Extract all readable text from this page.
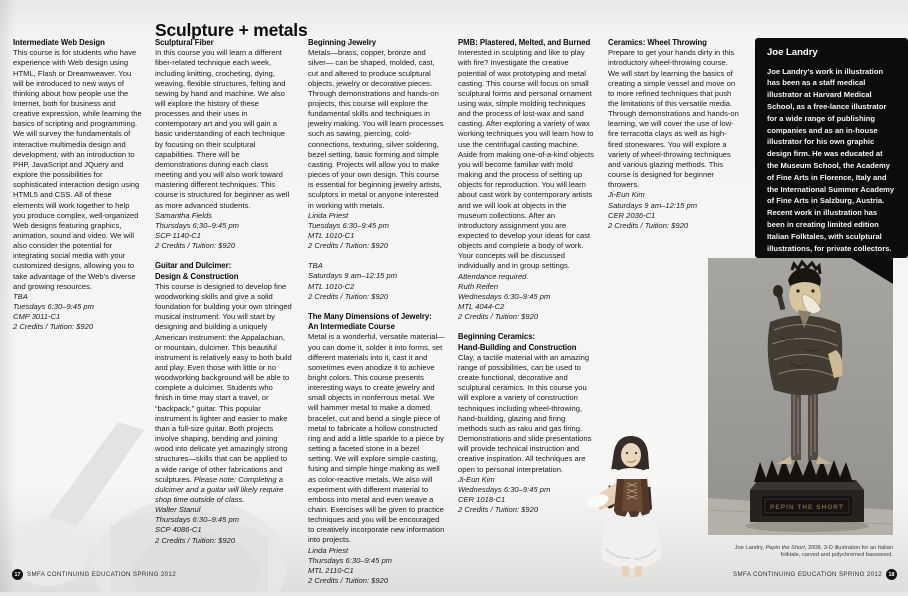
Sculpture + metals
Intermediate Web Design

This course is for students who have experience with Web design using HTML, Flash or Dreamweaver. You will be introduced to new ways of thinking about how people use the Internet, both for business and creative expression, while learning the basics of scripting and programming. We will survey the fundamentals of interactive multimedia design and development, with an introduction to PHP, JavaScript and JQuery and explore the possibilities for sophisticated interaction design using HTML5 and CSS. All of these elements will work together to help you produce complex, well-organized Web designs featuring graphics, animation, sound and video. We will also consider the potential for integrating social media with your customized designs, allowing you to take advantage of the Web’s diverse and growing resources.

TBA
Tuesdays 6:30–9:45 pm
CMP 3011-C1
2 Credits / Tuition: $920
Sculptural Fiber

In this course you will learn a different fiber-related technique each week, including knitting, crocheting, dying, weaving, flexible structures, felting and sewing by hand and machine. We also will explore the history of these processes and their uses in contemporary art and you will gain a basic understanding of each technique by focusing on their sculptural capabilities. There will be demonstrations during each class meeting and you will also work toward mastering different techniques. This course is structured for beginner as well as more advanced students.

Samantha Fields
Thursdays 6:30–9:45 pm
SCP 1140-C1
2 Credits / Tuition: $920
Guitar and Dulcimer:
Design & Construction

This course is designed to develop fine woodworking skills and give a solid foundation for building your own stringed musical instrument. You will start by designing and building a uniquely American instrument: the Appalachian, or mountain, dulcimer. This beautiful instrument is relatively easy to both build and play. Even those with little or no woodworking background will be able to complete a dulcimer. Students who finish in time may start a travel, or “backpack,” guitar. This popular instrument is lighter and easier to make than a full-size guitar. Both projects involve shaping, bending and joining wood into delicate yet amazingly strong structures—skills that can be applied to a wide range of other fabrications and sculptures. Please note: Completing a dulcimer and a guitar will likely require shop time outside of class.

Walter Stanul
Thursdays 6:30–9:45 pm
SCP 4086-C1
2 Credits / Tuition: $920
Beginning Jewelry

Metals—brass, copper, bronze and silver— can be shaped, molded, cast, cut and altered to produce sculptural objects, jewelry or decorative pieces. Through demonstrations and hands-on projects, this course will explore the fundamental skills and techniques in jewelry making. You will learn processes such as sawing, piercing, cold-connections, texturing, silver soldering, bezel setting, basic forming and simple casting. Projects will allow you to make pieces of your own design. This course is essential for beginning jewelry artists, sculptors in metal or anyone interested in working with metals.

Linda Priest
Tuesdays 6:30–9:45 pm
MTL 1010-C1
2 Credits / Tuition: $920
TBA
Saturdays 9 am–12:15 pm
MTL 1010-C2
2 Credits / Tuition: $920
The Many Dimensions of Jewelry:
An Intermediate Course

Metal is a wonderful, versatile material—you can dome it, solder it into forms, set different materials into it, cast it and sometimes even anodize it to achieve bright colors. This course presents interesting ways to create jewelry and small objects in nonferrous metal. We will hammer metal to make a domed bracelet, cut and bend a single piece of metal to fabricate a hollow constructed ring and add a little sparkle to a piece by setting a faceted stone in a bezel setting. We will explore simple casting, fusing and simple hinge making as well as color-reactive metals. We also will experiment with different material to emboss into metal and even weave a chain. Exercises will be given to practice techniques and you will be encouraged to creatively incorporate new information into projects.

Linda Priest
Thursdays 6:30–9:45 pm
MTL 2110-C1
2 Credits / Tuition: $920
PMB: Plastered, Melted, and Burned

Interested in sculpting and like to play with fire? Investigate the creative potential of wax prototyping and metal casting. This course will focus on small sculptural forms and personal ornament using wax, simple molding techniques and the process of lost-wax and sand casting. After exploring a variety of wax working techniques you will learn how to use the centrifugal casting machine. Aside from making one-of-a-kind objects you will become familiar with mold making and the process of setting up objects for reproduction. You will learn about cast work by contemporary artists and we will look at objects in the museum collections. After an introductory assignment you are expected to develop your ideas for cast objects and complete a body of work. Your concepts will be discussed individually and in group settings. Attendance required.

Ruth Reifen
Wednesdays 6:30–9:45 pm
MTL 4044-C2
2 Credits / Tuition: $920
Beginning Ceramics:
Hand-Building and Construction

Clay, a tactile material with an amazing range of possibilities, can be used to create functional, decorative and sculptural ceramics. In this course you will explore a variety of construction techniques including wheel-throwing, hand-building, glazing and firing methods such as raku and gas firing. Demonstrations and slide presentations will provide technical instruction and creative inspiration. All techniques are open to personal interpretation.

Ji-Eun Kim
Wednesdays 6:30–9:45 pm
CER 1018-C1
2 Credits / Tuition: $920
Ceramics: Wheel Throwing

Prepare to get your hands dirty in this introductory wheel-throwing course. We will start by learning the basics of creating a simple vessel and move on to more refined techniques that push the limitations of this versatile media. Through demonstrations and hands-on learning, we will cover the use of low-fire terracotta clays as well as high-fired stonewares. You will explore a variety of wheel-throwing techniques and various glazing methods. This course is designed for beginner throwers.

Ji-Eun Kim
Saturdays 9 am–12:15 pm
CER 2036-C1
2 Credits / Tuition: $920
Joe Landry

Joe Landry’s work in illustration has been as a staff medical illustrator at Harvard Medical School, as a free-lance illustrator for a wide range of publishing companies and as an in-house illustrator for his own graphic design firm. He was educated at the Museum School, the Academy of Fine Arts in Florence, Italy and the International Summer Academy of Fine Arts in Salzburg, Austria. Recent work in illustration has been in creating limited edition Italian Folktales, with sculptural illustrations, for private collectors.

PEPIN THE SHORT

Joe Landry, Pepin the Short, 2008. 3-D illustration for an Italian folktale, carved and polychromed basswood.

17	SMFA CONTINUING EDUCATION SPRING 2012	SMFA CONTINUING EDUCATION SPRING 2012	18
